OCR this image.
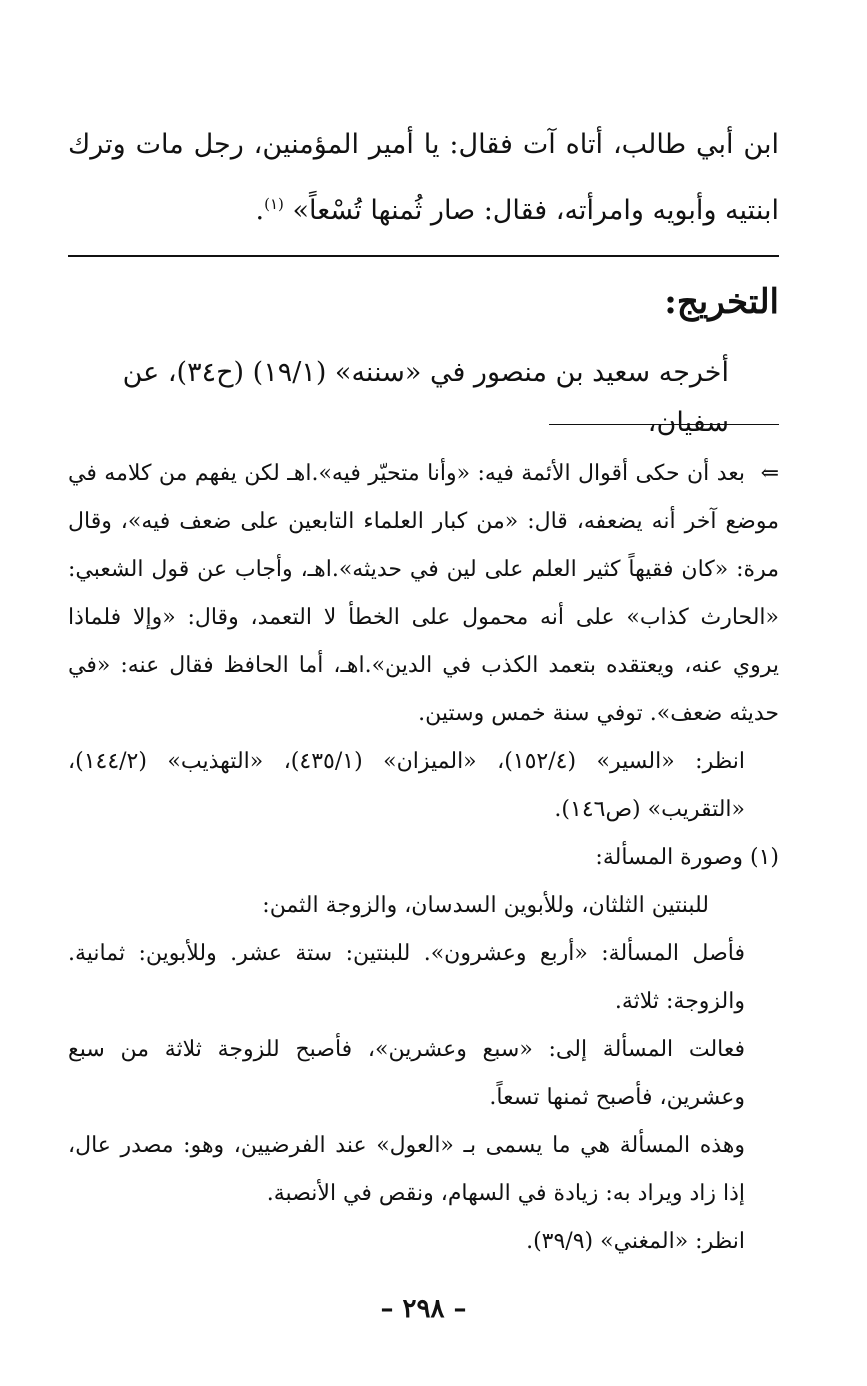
ابن أبي طالب، أتاه آت فقال: يا أمير المؤمنين، رجل مات وترك ابنتيه وأبويه وامرأته، فقال: صار ثُمنها تُسْعاً» $^{(١)}$.

التخريج:

أخرجه سعيد بن منصور في «سننه» (١٩/١) (ح٣٤)، عن سفيان،

⇐بعد أن حكى أقوال الأئمة فيه: «وأنا متحيّر فيه».اهـ لكن يفهم من كلامه في موضع آخر أنه يضعفه، قال: «من كبار العلماء التابعين على ضعف فيه»، وقال مرة: «كان فقيهاً كثير العلم على لين في حديثه».اهـ، وأجاب عن قول الشعبي: «الحارث كذاب» على أنه محمول على الخطأ لا التعمد، وقال: «وإلا فلماذا يروي عنه، ويعتقده بتعمد الكذب في الدين».اهـ، أما الحافظ فقال عنه: «في حديثه ضعف». توفي سنة خمس وستين.

انظر: «السير» (١٥٢/٤)، «الميزان» (٤٣٥/١)، «التهذيب» (١٤٤/٢)، «التقريب» (ص١٤٦).

(١) وصورة المسألة:

للبنتين الثلثان، وللأبوين السدسان، والزوجة الثمن:

فأصل المسألة: «أربع وعشرون». للبنتين: ستة عشر. وللأبوين: ثمانية. والزوجة: ثلاثة.

فعالت المسألة إلى: «سبع وعشرين»، فأصبح للزوجة ثلاثة من سبع وعشرين، فأصبح ثمنها تسعاً.

وهذه المسألة هي ما يسمى بـ «العول» عند الفرضيين، وهو: مصدر عال، إذا زاد ويراد به: زيادة في السهام، ونقص في الأنصبة.

انظر: «المغني» (٣٩/٩).

– ٢٩٨ –
